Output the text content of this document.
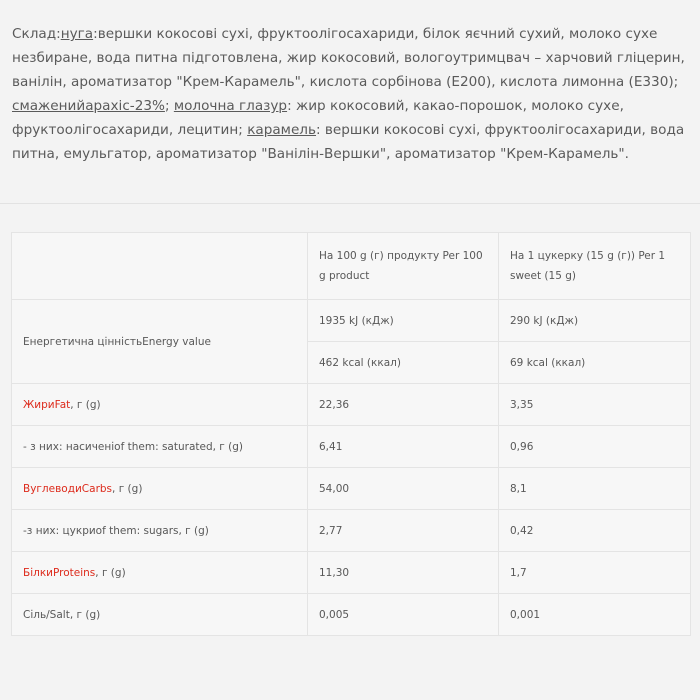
Склад:нуга:вершки кокосові сухі, фруктоолігосахариди, білок яєчний сухий, молоко сухе незбиране, вода питна підготовлена, жир кокосовий, вологоутримцвач – харчовий гліцерин, ванілін, ароматизатор "Крем-Карамель", кислота сорбінова (Е200), кислота лимонна (Е330); смаженийарахіс-23%; молочна глазур: жир кокосовий, какао-порошок, молоко сухе, фруктоолігосахариди, лецитин; карамель: вершки кокосові сухі, фруктоолігосахариди, вода питна, емульгатор, ароматизатор "Ванілін-Вершки", ароматизатор "Крем-Карамель".
	На 100 g (г) продукту Per 100 g product	На 1 цукерку (15 g (г)) Per 1 sweet (15 g)
Енергетична цінністьEnergy value	1935 kJ (кДж)	290 kJ (кДж)
	462 kcal (ккал)	69 kcal (ккал)
ЖириFat, г (g)	22,36	3,35
- з них: насиченіof them: saturated, г (g)	6,41	0,96
ВуглеводиCarbs, г (g)	54,00	8,1
-з них: цукриof them: sugars, г (g)	2,77	0,42
БілкиProteins, г (g)	11,30	1,7
Сіль/Salt, г (g)	0,005	0,001
